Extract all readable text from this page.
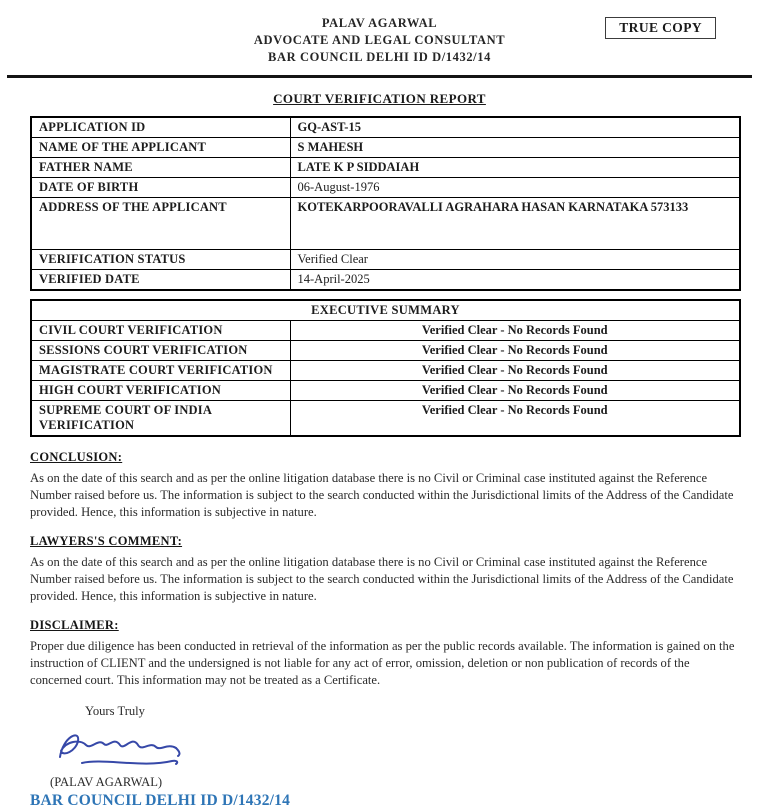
PALAV AGARWAL
ADVOCATE AND LEGAL CONSULTANT
BAR COUNCIL DELHI ID D/1432/14
TRUE COPY
COURT VERIFICATION REPORT
APPLICATION ID	GQ-AST-15
NAME OF THE APPLICANT	S MAHESH
FATHER NAME	LATE K P SIDDAIAH
DATE OF BIRTH	06-August-1976
ADDRESS OF THE APPLICANT	KOTEKARPOORAVALLI AGRAHARA HASAN KARNATAKA 573133
VERIFICATION STATUS	Verified Clear
VERIFIED DATE	14-April-2025
EXECUTIVE SUMMARY	
CIVIL COURT VERIFICATION	Verified Clear - No Records Found
SESSIONS COURT VERIFICATION	Verified Clear - No Records Found
MAGISTRATE COURT VERIFICATION	Verified Clear - No Records Found
HIGH COURT VERIFICATION	Verified Clear - No Records Found
SUPREME COURT OF INDIA VERIFICATION	Verified Clear - No Records Found
CONCLUSION:
As on the date of this search and as per the online litigation database there is no Civil or Criminal case instituted against the Reference Number raised before us. The information is subject to the search conducted within the Jurisdictional limits of the Address of the Candidate provided. Hence, this information is subjective in nature.
LAWYERS'S COMMENT:
As on the date of this search and as per the online litigation database there is no Civil or Criminal case instituted against the Reference Number raised before us. The information is subject to the search conducted within the Jurisdictional limits of the Address of the Candidate provided. Hence, this information is subjective in nature.
DISCLAIMER:
Proper due diligence has been conducted in retrieval of the information as per the public records available. The information is gained on the instruction of CLIENT and the undersigned is not liable for any act of error, omission, deletion or non publication of records of the concerned court. This information may not be treated as a Certificate.
Yours Truly
(PALAV AGARWAL)
BAR COUNCIL DELHI ID D/1432/14
